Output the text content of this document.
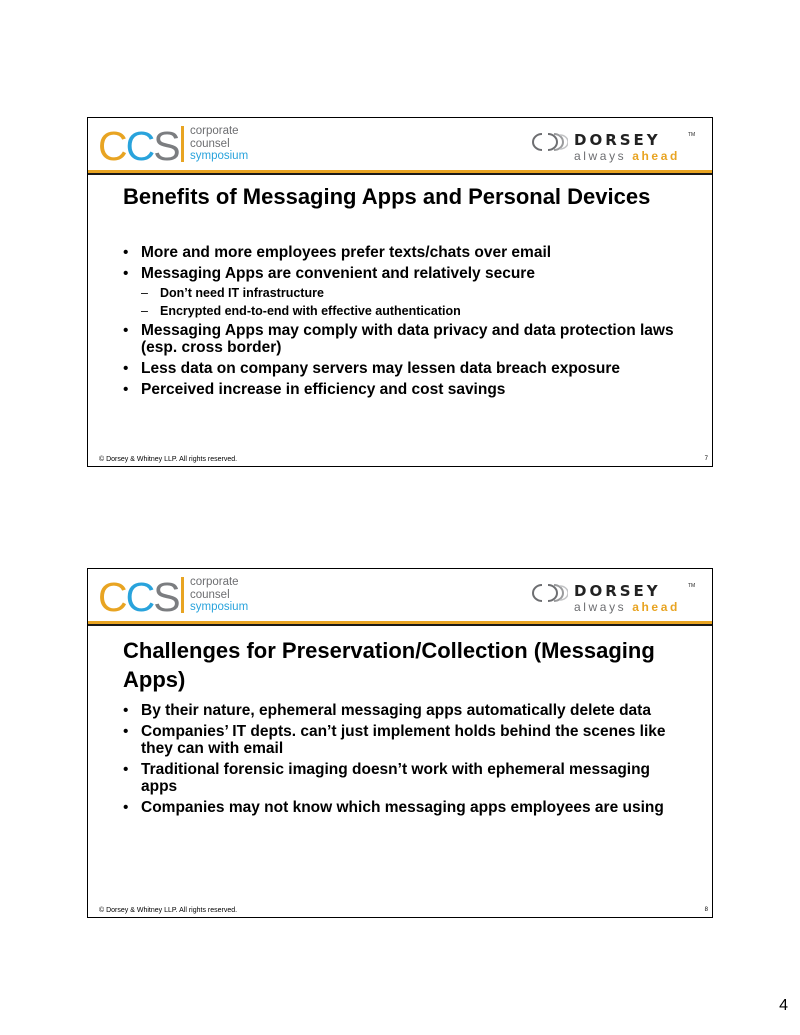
CCS corporate
counsel
symposium
DORSEY	TM
always ahead
Benefits of Messaging Apps and Personal Devices
• More and more employees prefer texts/chats over email
• Messaging Apps are convenient and relatively secure
– Don’t need IT infrastructure
– Encrypted end-to-end with effective authentication
• Messaging Apps may comply with data privacy and data protection laws (esp. cross border)
• Less data on company servers may lessen data breach exposure
• Perceived increase in efficiency and cost savings
© Dorsey & Whitney LLP. All rights reserved.	7
CCS corporate
counsel
symposium
DORSEY	TM
always ahead
Challenges for Preservation/Collection (Messaging Apps)
• By their nature, ephemeral messaging apps automatically delete data
• Companies’ IT depts. can’t just implement holds behind the scenes like they can with email
• Traditional forensic imaging doesn’t work with ephemeral messaging apps
• Companies may not know which messaging apps employees are using
© Dorsey & Whitney LLP. All rights reserved.	8
4
